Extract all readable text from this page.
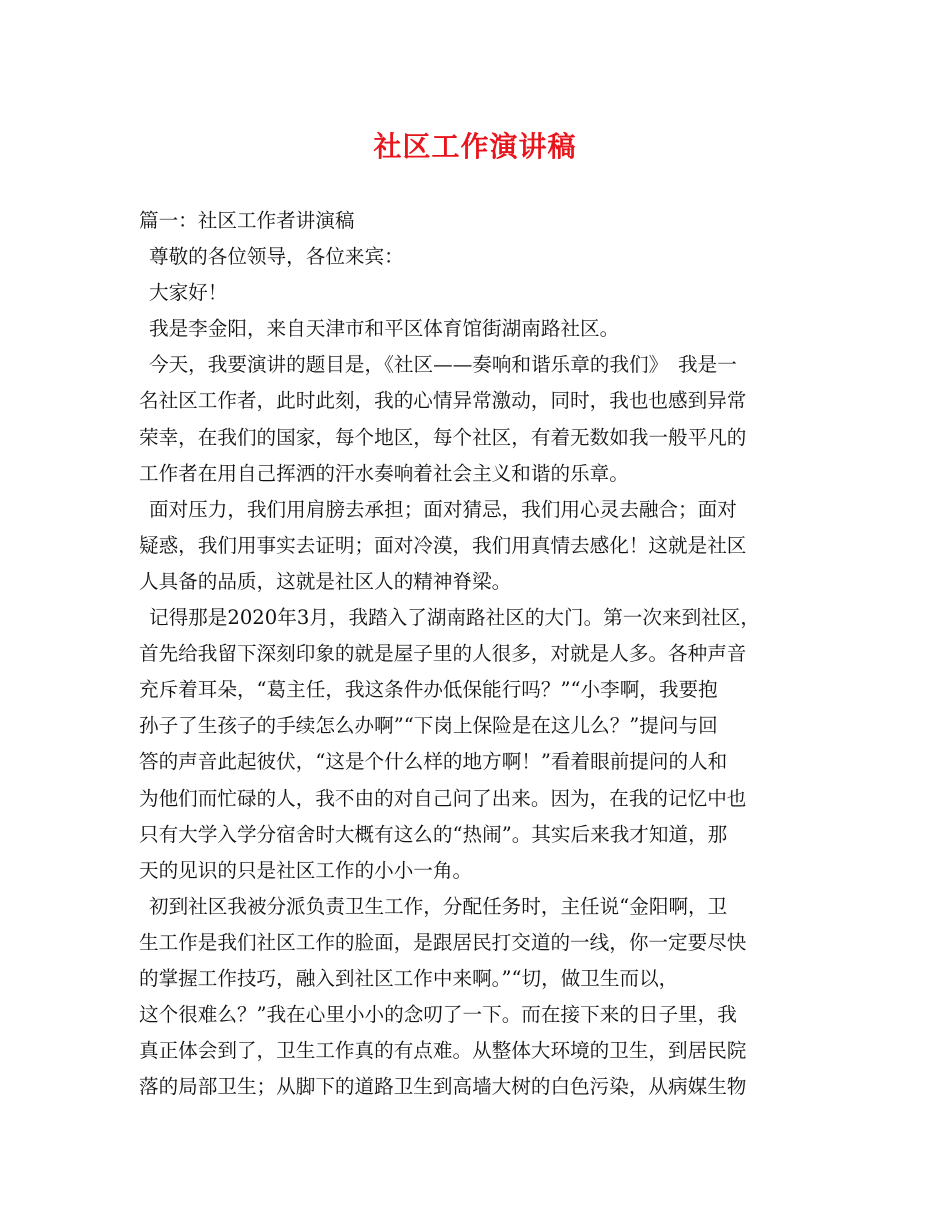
社区工作演讲稿
篇一：社区工作者讲演稿
尊敬的各位领导，各位来宾：
大家好！
我是李金阳，来自天津市和平区体育馆街湖南路社区。
今天，我要演讲的题目是，《社区——奏响和谐乐章的我们》　我是一
名社区工作者，此时此刻，我的心情异常激动，同时，我也也感到异常
荣幸，在我们的国家，每个地区，每个社区，有着无数如我一般平凡的
工作者在用自己挥洒的汗水奏响着社会主义和谐的乐章。
面对压力，我们用肩膀去承担；面对猜忌，我们用心灵去融合；面对
疑惑，我们用事实去证明；面对冷漠，我们用真情去感化！这就是社区
人具备的品质，这就是社区人的精神脊梁。
记得那是2020年3月，我踏入了湖南路社区的大门。第一次来到社区，
首先给我留下深刻印象的就是屋子里的人很多，对就是人多。各种声音
充斥着耳朵，“葛主任，我这条件办低保能行吗？”“小李啊，我要抱
孙子了生孩子的手续怎么办啊”“下岗上保险是在这儿么？”提问与回
答的声音此起彼伏，“这是个什么样的地方啊！”看着眼前提问的人和
为他们而忙碌的人，我不由的对自己问了出来。因为，在我的记忆中也
只有大学入学分宿舍时大概有这么的“热闹”。其实后来我才知道，那
天的见识的只是社区工作的小小一角。
初到社区我被分派负责卫生工作，分配任务时，主任说“金阳啊，卫
生工作是我们社区工作的脸面，是跟居民打交道的一线，你一定要尽快
的掌握工作技巧，融入到社区工作中来啊。”“切，做卫生而以，
这个很难么？”我在心里小小的念叨了一下。而在接下来的日子里，我
真正体会到了，卫生工作真的有点难。从整体大环境的卫生，到居民院
落的局部卫生；从脚下的道路卫生到高墙大树的白色污染，从病媒生物
